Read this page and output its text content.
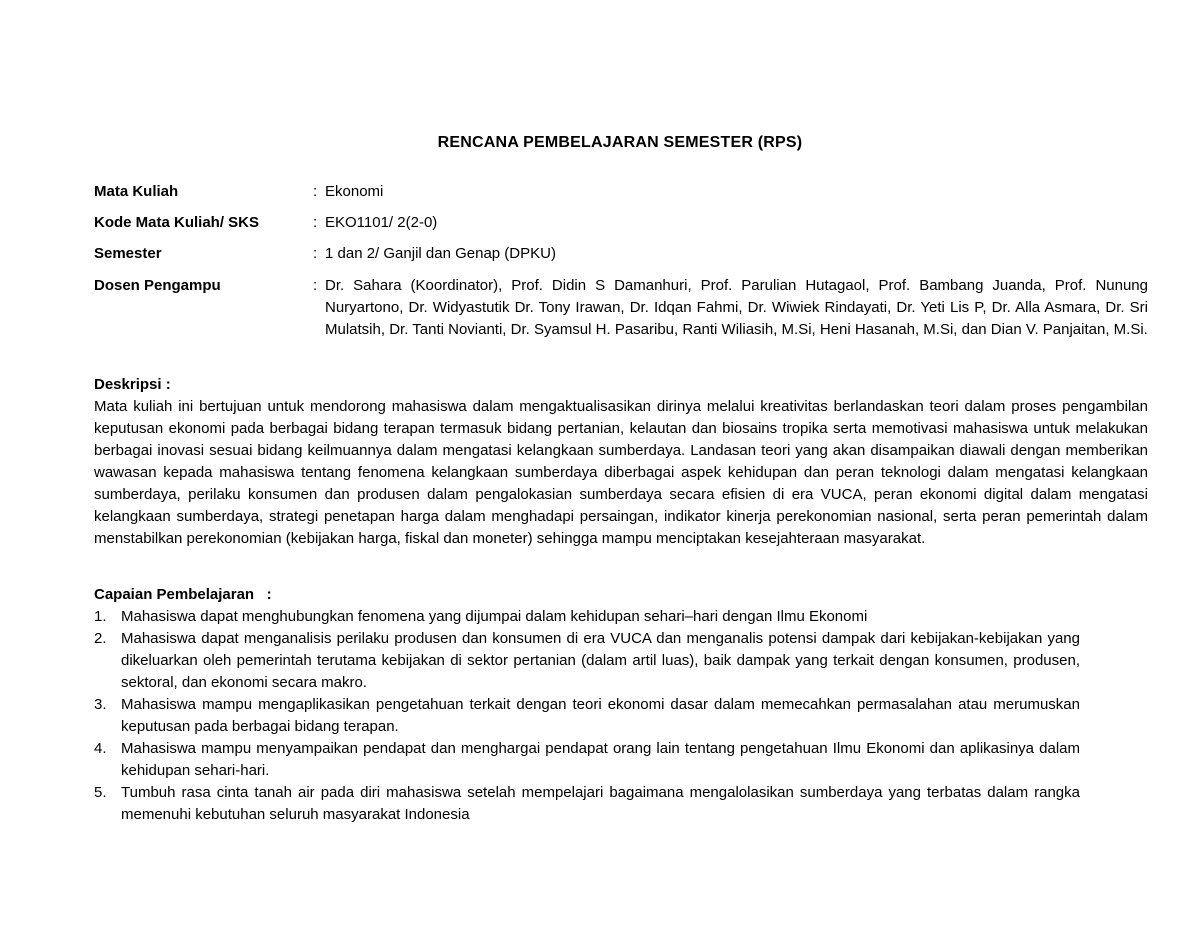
RENCANA PEMBELAJARAN SEMESTER (RPS)
Mata Kuliah	: Ekonomi
Kode Mata Kuliah/ SKS	: EKO1101/ 2(2-0)
Semester	: 1 dan 2/ Ganjil dan Genap (DPKU)
Dosen Pengampu	: Dr. Sahara (Koordinator), Prof. Didin S Damanhuri, Prof. Parulian Hutagaol, Prof. Bambang Juanda, Prof. Nunung Nuryartono, Dr. Widyastutik Dr. Tony Irawan, Dr. Idqan Fahmi, Dr. Wiwiek Rindayati, Dr. Yeti Lis P, Dr. Alla Asmara, Dr. Sri Mulatsih, Dr. Tanti Novianti, Dr. Syamsul H. Pasaribu, Ranti Wiliasih, M.Si, Heni Hasanah, M.Si, dan Dian V. Panjaitan, M.Si.
Deskripsi :
Mata kuliah ini bertujuan untuk mendorong mahasiswa dalam mengaktualisasikan dirinya melalui kreativitas berlandaskan teori dalam proses pengambilan keputusan ekonomi pada berbagai bidang terapan termasuk bidang pertanian, kelautan dan biosains tropika serta memotivasi mahasiswa untuk melakukan berbagai inovasi sesuai bidang keilmuannya dalam mengatasi kelangkaan sumberdaya. Landasan teori yang akan disampaikan diawali dengan memberikan wawasan kepada mahasiswa tentang fenomena kelangkaan sumberdaya diberbagai aspek kehidupan dan peran teknologi dalam mengatasi kelangkaan sumberdaya, perilaku konsumen dan produsen dalam pengalokasian sumberdaya secara efisien di era VUCA, peran ekonomi digital dalam mengatasi kelangkaan sumberdaya, strategi penetapan harga dalam menghadapi persaingan, indikator kinerja perekonomian nasional, serta peran pemerintah dalam menstabilkan perekonomian (kebijakan harga, fiskal dan moneter) sehingga mampu menciptakan kesejahteraan masyarakat.
Capaian Pembelajaran   :
1. Mahasiswa dapat menghubungkan fenomena yang dijumpai dalam kehidupan sehari–hari dengan Ilmu Ekonomi
2. Mahasiswa dapat menganalisis perilaku produsen dan konsumen di era VUCA dan menganalis potensi dampak dari kebijakan-kebijakan yang dikeluarkan oleh pemerintah terutama kebijakan di sektor pertanian (dalam artil luas), baik dampak yang terkait dengan konsumen, produsen, sektoral, dan ekonomi secara makro.
3. Mahasiswa mampu mengaplikasikan pengetahuan terkait dengan teori ekonomi dasar dalam memecahkan permasalahan atau merumuskan keputusan pada berbagai bidang terapan.
4. Mahasiswa mampu menyampaikan pendapat dan menghargai pendapat orang lain tentang pengetahuan Ilmu Ekonomi dan aplikasinya dalam kehidupan sehari-hari.
5. Tumbuh rasa cinta tanah air pada diri mahasiswa setelah mempelajari bagaimana mengalolasikan sumberdaya yang terbatas dalam rangka memenuhi kebutuhan seluruh masyarakat Indonesia
